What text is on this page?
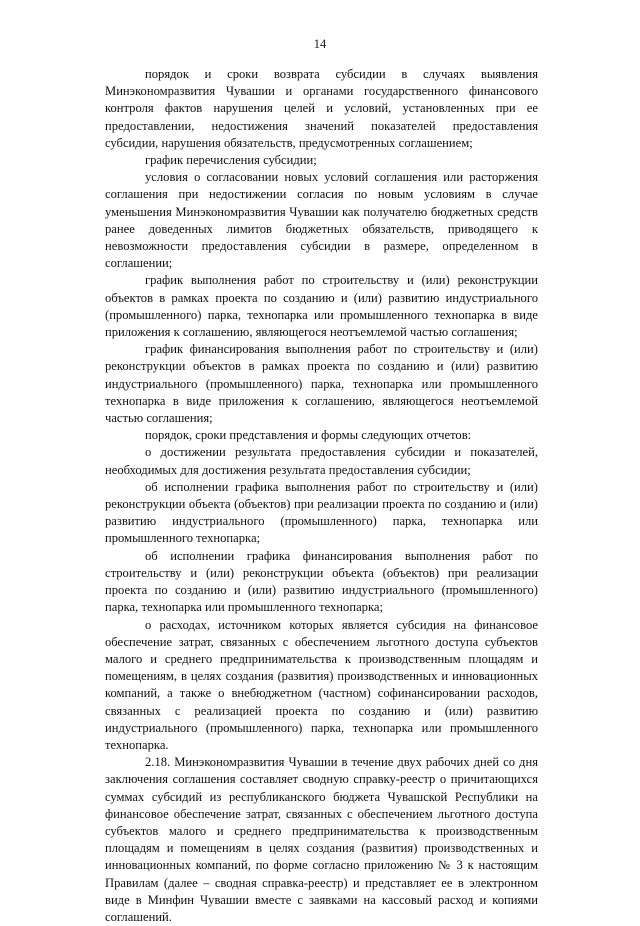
14

порядок и сроки возврата субсидии в случаях выявления Минэкономразвития Чувашии и органами государственного финансового контроля фактов нарушения целей и условий, установленных при ее предоставлении, недостижения значений показателей предоставления субсидии, нарушения обязательств, предусмотренных соглашением;

график перечисления субсидии;

условия о согласовании новых условий соглашения или расторжения соглашения при недостижении согласия по новым условиям в случае уменьшения Минэкономразвития Чувашии как получателю бюджетных средств ранее доведенных лимитов бюджетных обязательств, приводящего к невозможности предоставления субсидии в размере, определенном в соглашении;

график выполнения работ по строительству и (или) реконструкции объектов в рамках проекта по созданию и (или) развитию индустриального (промышленного) парка, технопарка или промышленного технопарка в виде приложения к соглашению, являющегося неотъемлемой частью соглашения;

график финансирования выполнения работ по строительству и (или) реконструкции объектов в рамках проекта по созданию и (или) развитию индустриального (промышленного) парка, технопарка или промышленного технопарка в виде приложения к соглашению, являющегося неотъемлемой частью соглашения;

порядок, сроки представления и формы следующих отчетов:

о достижении результата предоставления субсидии и показателей, необходимых для достижения результата предоставления субсидии;

об исполнении графика выполнения работ по строительству и (или) реконструкции объекта (объектов) при реализации проекта по созданию и (или) развитию индустриального (промышленного) парка, технопарка или промышленного технопарка;

об исполнении графика финансирования выполнения работ по строительству и (или) реконструкции объекта (объектов) при реализации проекта по созданию и (или) развитию индустриального (промышленного) парка, технопарка или промышленного технопарка;

о расходах, источником которых является субсидия на финансовое обеспечение затрат, связанных с обеспечением льготного доступа субъектов малого и среднего предпринимательства к производственным площадям и помещениям, в целях создания (развития) производственных и инновационных компаний, а также о внебюджетном (частном) софинансировании расходов, связанных с реализацией проекта по созданию и (или) развитию индустриального (промышленного) парка, технопарка или промышленного технопарка.

2.18. Минэкономразвития Чувашии в течение двух рабочих дней со дня заключения соглашения составляет сводную справку-реестр о причитающихся суммах субсидий из республиканского бюджета Чувашской Республики на финансовое обеспечение затрат, связанных с обеспечением льготного доступа субъектов малого и среднего предпринимательства к производственным площадям и помещениям в целях создания (развития) производственных и инновационных компаний, по форме согласно приложению № 3 к настоящим Правилам (далее – сводная справка-реестр) и представляет ее в электронном виде в Минфин Чувашии вместе с заявками на кассовый расход и копиями соглашений.
